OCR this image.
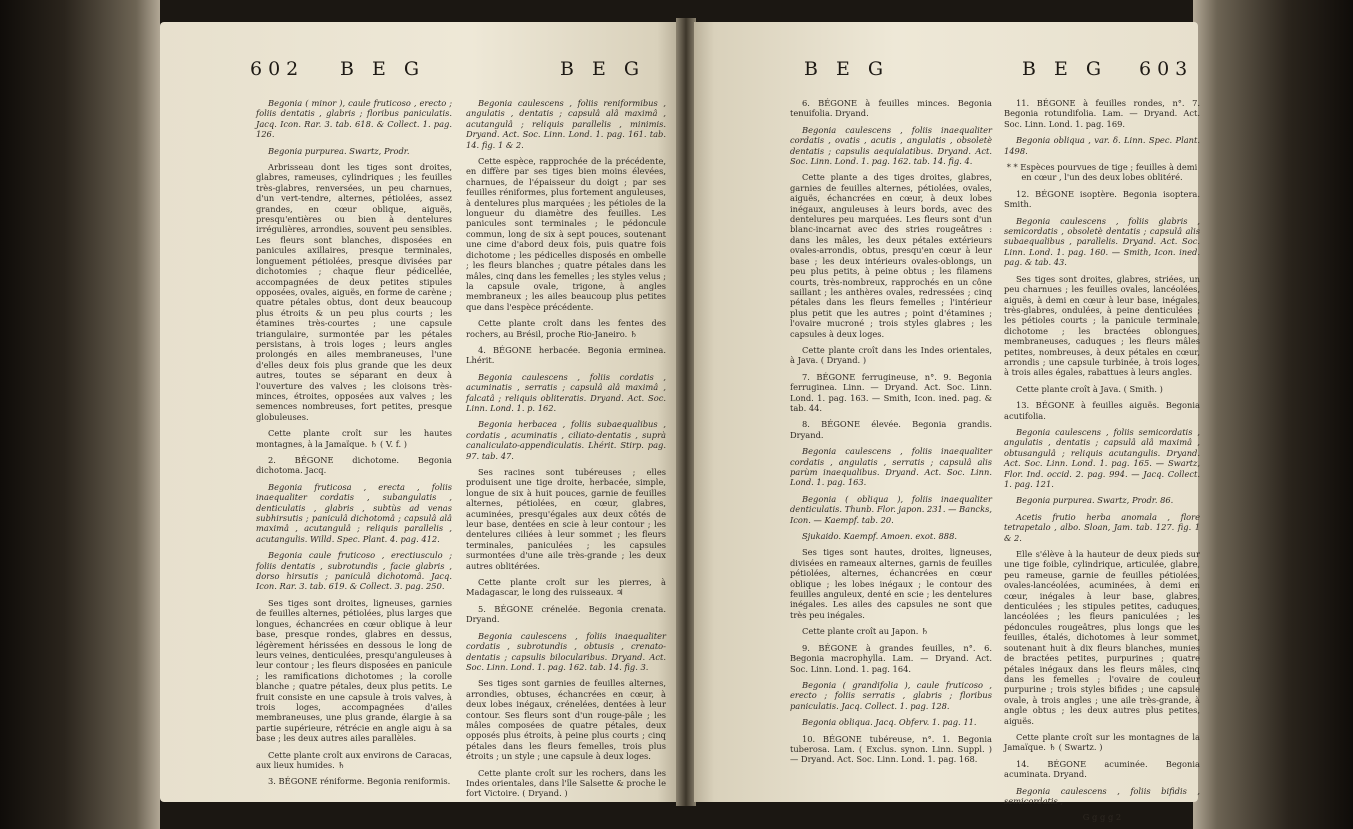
602 B E G	B E G

Begonia ( minor ), caule fruticoso , erecto ; foliis dentatis , glabris ; floribus paniculatis. Jacq. Icon. Rar. 3. tab. 618. & Collect. 1. pag. 126.

Begonia purpurea. Swartz, Prodr.

Arbrisseau dont les tiges sont droites, glabres, rameuses, cylindriques ; les feuilles très-glabres, renversées, un peu charnues, d'un vert-tendre, alternes, pétiolées, assez grandes, en cœur oblique, aiguës, presqu'entières ou bien à dentelures irrégulières, arrondies, souvent peu sensibles. Les fleurs sont blanches, disposées en panicules axillaires, presque terminales, longuement pétiolées, presque divisées par dichotomies ; chaque fleur pédicellée, accompagnées de deux petites stipules opposées, ovales, aiguës, en forme de carène ; quatre pétales obtus, dont deux beaucoup plus étroits & un peu plus courts ; les étamines très-courtes ; une capsule triangulaire, surmontée par les pétales persistans, à trois loges ; leurs angles prolongés en ailes membraneuses, l'une d'elles deux fois plus grande que les deux autres, toutes se séparant en deux à l'ouverture des valves ; les cloisons très-minces, étroites, opposées aux valves ; les semences nombreuses, fort petites, presque globuleuses.

Cette plante croît sur les hautes montagnes, à la Jamaïque. ♄ ( V. f. )

2. BÉGONE dichotome. Begonia dichotoma. Jacq.

Begonia fruticosa , erecta , foliis inaequaliter cordatis , subangulatis , denticulatis , glabris , subtùs ad venas subhirsutis ; paniculâ dichotomâ ; capsulâ alâ maximâ , acutangulâ ; reliquis parallelis , acutangulis. Willd. Spec. Plant. 4. pag. 412.

Begonia caule fruticoso , erectiusculo ; foliis dentatis , subrotundis , facie glabris , dorso hirsutis ; paniculâ dichotomâ. Jacq. Icon. Rar. 3. tab. 619. & Collect. 3. pag. 250.

Ses tiges sont droites, ligneuses, garnies de feuilles alternes, pétiolées, plus larges que longues, échancrées en cœur oblique à leur base, presque rondes, glabres en dessus, légèrement hérissées en dessous le long de leurs veines, denticulées, presqu'anguleuses à leur contour ; les fleurs disposées en panicule ; les ramifications dichotomes ; la corolle blanche ; quatre pétales, deux plus petits. Le fruit consiste en une capsule à trois valves, à trois loges, accompagnées d'ailes membraneuses, une plus grande, élargie à sa partie supérieure, rétrécie en angle aigu à sa base ; les deux autres ailes parallèles.

Cette plante croît aux environs de Caracas, aux lieux humides. ♄

3. BÉGONE réniforme. Begonia reniformis.

Begonia caulescens , foliis reniformibus , angulatis , dentatis ; capsulâ alâ maximâ , acutangulâ ; reliquis parallelis , minimis. Dryand. Act. Soc. Linn. Lond. 1. pag. 161. tab. 14. fig. 1 & 2.

Cette espèce, rapprochée de la précédente, en diffère par ses tiges bien moins élevées, charnues, de l'épaisseur du doigt ; par ses feuilles réniformes, plus fortement anguleuses, à dentelures plus marquées ; les pétioles de la longueur du diamètre des feuilles. Les panicules sont terminales ; le pédoncule commun, long de six à sept pouces, soutenant une cime d'abord deux fois, puis quatre fois dichotome ; les pédicelles disposés en ombelle ; les fleurs blanches ; quatre pétales dans les mâles, cinq dans les femelles ; les styles velus ; la capsule ovale, trigone, à angles membraneux ; les ailes beaucoup plus petites que dans l'espèce précédente.

Cette plante croît dans les fentes des rochers, au Brésil, proche Rio-Janeiro. ♄

4. BÉGONE herbacée. Begonia erminea. Lhérit.

Begonia caulescens , foliis cordatis , acuminatis , serratis ; capsulâ alâ maximâ , falcatâ ; reliquis obliteratis. Dryand. Act. Soc. Linn. Lond. 1. p. 162.

Begonia herbacea , foliis subaequalibus , cordatis , acuminatis , ciliato-dentatis , suprà canaliculato-appendiculatis. Lhérit. Stirp. pag. 97. tab. 47.

Ses racines sont tubéreuses ; elles produisent une tige droite, herbacée, simple, longue de six à huit pouces, garnie de feuilles alternes, pétiolées, en cœur, glabres, acuminées, presqu'égales aux deux côtés de leur base, dentées en scie à leur contour ; les dentelures ciliées à leur sommet ; les fleurs terminales, paniculées ; les capsules surmontées d'une aile très-grande ; les deux autres oblitérées.

Cette plante croît sur les pierres, à Madagascar, le long des ruisseaux. ♃

5. BÉGONE crénelée. Begonia crenata. Dryand.

Begonia caulescens , foliis inaequaliter cordatis , subrotundis , obtusis , crenato-dentatis ; capsulis bilocularibus. Dryand. Act. Soc. Linn. Lond. 1. pag. 162. tab. 14. fig. 3.

Ses tiges sont garnies de feuilles alternes, arrondies, obtuses, échancrées en cœur, à deux lobes inégaux, crénelées, dentées à leur contour. Ses fleurs sont d'un rouge-pâle ; les mâles composées de quatre pétales, deux opposés plus étroits, à peine plus courts ; cinq pétales dans les fleurs femelles, trois plus étroits ; un style ; une capsule à deux loges.

Cette plante croît sur les rochers, dans les Indes orientales, dans l'île Salsette & proche le fort Victoire. ( Dryand. )

B E G	B E G 603

6. BÉGONE à feuilles minces. Begonia tenuifolia. Dryand.

Begonia caulescens , foliis inaequaliter cordatis , ovatis , acutis , angulatis , obsoletè dentatis ; capsulis aequialatibus. Dryand. Act. Soc. Linn. Lond. 1. pag. 162. tab. 14. fig. 4.

Cette plante a des tiges droites, glabres, garnies de feuilles alternes, pétiolées, ovales, aiguës, échancrées en cœur, à deux lobes inégaux, anguleuses à leurs bords, avec des dentelures peu marquées. Les fleurs sont d'un blanc-incarnat avec des stries rougeâtres : dans les mâles, les deux pétales extérieurs ovales-arrondis, obtus, presqu'en cœur à leur base ; les deux intérieurs ovales-oblongs, un peu plus petits, à peine obtus ; les filamens courts, très-nombreux, rapprochés en un cône saillant ; les anthères ovales, redressées ; cinq pétales dans les fleurs femelles ; l'intérieur plus petit que les autres ; point d'étamines ; l'ovaire mucroné ; trois styles glabres ; les capsules à deux loges.

Cette plante croît dans les Indes orientales, à Java. ( Dryand. )

7. BÉGONE ferrugineuse, n°. 9. Begonia ferruginea. Linn. — Dryand. Act. Soc. Linn. Lond. 1. pag. 163. — Smith, Icon. ined. pag. & tab. 44.

8. BÉGONE élevée. Begonia grandis. Dryand.

Begonia caulescens , foliis inaequaliter cordatis , angulatis , serratis ; capsulâ alis parùm inaequalibus. Dryand. Act. Soc. Linn. Lond. 1. pag. 163.

Begonia ( obliqua ), foliis inaequaliter denticulatis. Thunb. Flor. japon. 231. — Bancks, Icon. — Kaempf. tab. 20.

Sjukaido. Kaempf. Amoen. exot. 888.

Ses tiges sont hautes, droites, ligneuses, divisées en rameaux alternes, garnis de feuilles pétiolées, alternes, échancrées en cœur oblique ; les lobes inégaux ; le contour des feuilles anguleux, denté en scie ; les dentelures inégales. Les ailes des capsules ne sont que très peu inégales.

Cette plante croît au Japon. ♄

9. BÉGONE à grandes feuilles, n°. 6. Begonia macrophylla. Lam. — Dryand. Act. Soc. Linn. Lond. 1. pag. 164.

Begonia ( grandifolia ), caule fruticoso , erecto ; foliis serratis , glabris ; floribus paniculatis. Jacq. Collect. 1. pag. 128.

Begonia obliqua. Jacq. Obferv. 1. pag. 11.

10. BÉGONE tubéreuse, n°. 1. Begonia tuberosa. Lam. ( Exclus. synon. Linn. Suppl. ) — Dryand. Act. Soc. Linn. Lond. 1. pag. 168.

11. BÉGONE à feuilles rondes, n°. 7. Begonia rotundifolia. Lam. — Dryand. Act. Soc. Linn. Lond. 1. pag. 169.

Begonia obliqua , var. δ. Linn. Spec. Plant. 1498.

* * Espèces pourvues de tige ; feuilles à demi en cœur , l'un des deux lobes oblitéré.

12. BÉGONE isoptère. Begonia isoptera. Smith.

Begonia caulescens , foliis glabris , semicordatis , obsoletè dentatis ; capsulâ alis subaequalibus , parallelis. Dryand. Act. Soc. Linn. Lond. 1. pag. 160. — Smith, Icon. ined. pag. & tab. 43.

Ses tiges sont droites, glabres, striées, un peu charnues ; les feuilles ovales, lancéolées, aiguës, à demi en cœur à leur base, inégales, très-glabres, ondulées, à peine denticulées ; les pétioles courts ; la panicule terminale, dichotome ; les bractées oblongues, membraneuses, caduques ; les fleurs mâles petites, nombreuses, à deux pétales en cœur, arrondis ; une capsule turbinée, à trois loges, à trois ailes égales, rabattues à leurs angles.

Cette plante croît à Java. ( Smith. )

13. BÉGONE à feuilles aiguës. Begonia acutifolia.

Begonia caulescens , foliis semicordatis , angulatis , dentatis ; capsulâ alâ maximâ , obtusangulâ ; reliquis acutangulis. Dryand. Act. Soc. Linn. Lond. 1. pag. 165. — Swartz, Flor. Ind. occid. 2. pag. 994. — Jacq. Collect. 1. pag. 121.

Begonia purpurea. Swartz, Prodr. 86.

Acetis frutio herba anomala , flore tetrapetalo , albo. Sloan, Jam. tab. 127. fig. 1 & 2.

Elle s'élève à la hauteur de deux pieds sur une tige foible, cylindrique, articulée, glabre, peu rameuse, garnie de feuilles pétiolées, ovales-lancéolées, acuminées, à demi en cœur, inégales à leur base, glabres, denticulées ; les stipules petites, caduques, lancéolées ; les fleurs paniculées ; les pédoncules rougeâtres, plus longs que les feuilles, étalés, dichotomes à leur sommet, soutenant huit à dix fleurs blanches, munies de bractées petites, purpurines ; quatre pétales inégaux dans les fleurs mâles, cinq dans les femelles ; l'ovaire de couleur purpurine ; trois styles bifides ; une capsule ovale, à trois angles ; une aile très-grande, à angle obtus ; les deux autres plus petites, aiguës.

Cette plante croît sur les montagnes de la Jamaïque. ♄ ( Swartz. )

14. BÉGONE acuminée. Begonia acuminata. Dryand.

Begonia caulescens , foliis bifidis , semicordatis ,

G g g g 2
